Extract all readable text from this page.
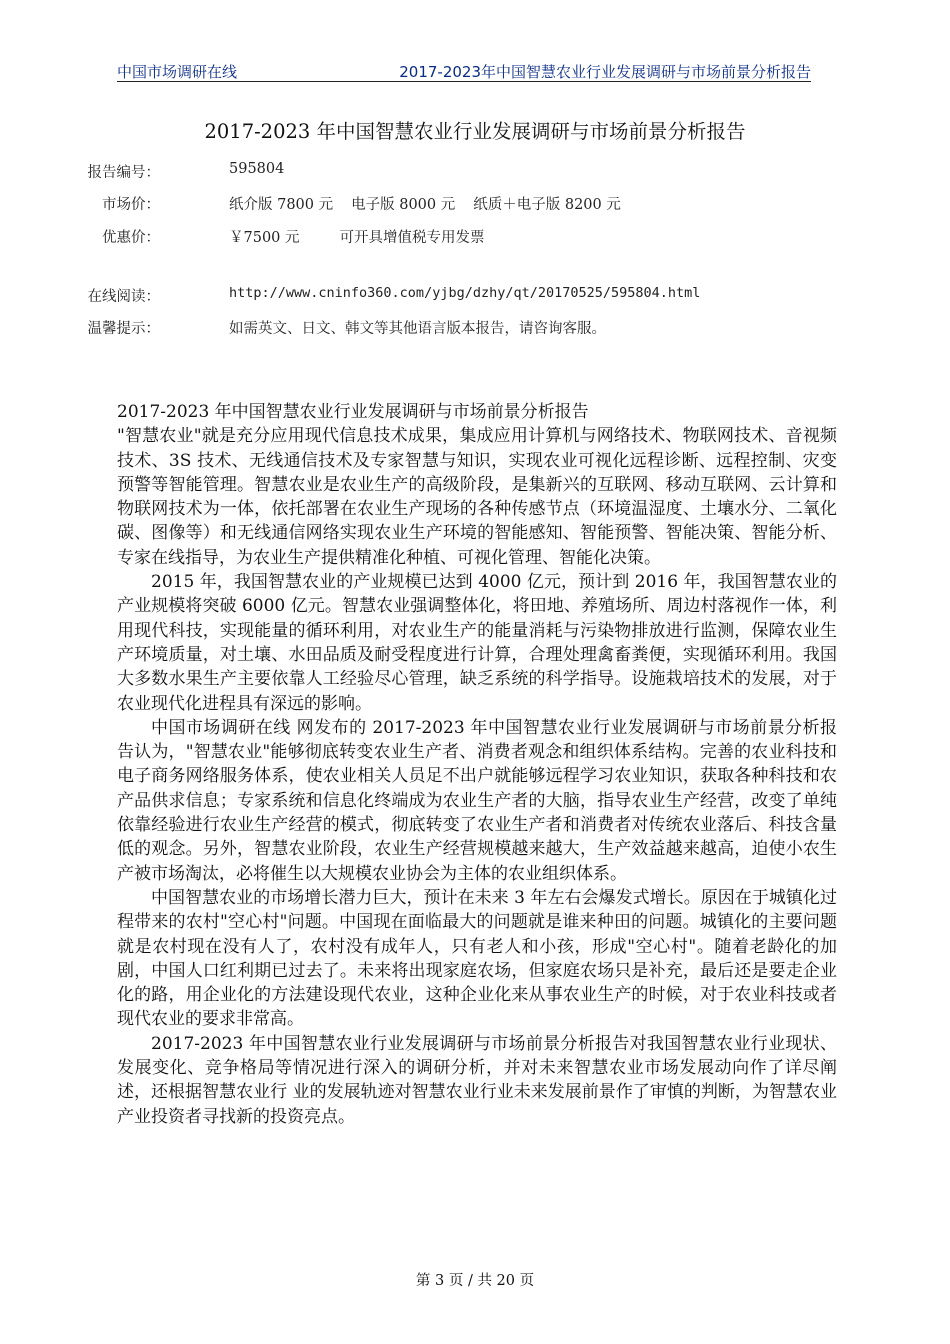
中国市场调研在线	2017-2023年中国智慧农业行业发展调研与市场前景分析报告
2017-2023 年中国智慧农业行业发展调研与市场前景分析报告
报告编号：	595804
市场价：	纸介版 7800 元 电子版 8000 元 纸质＋电子版 8200 元
优惠价：	￥7500 元	可开具增值税专用发票
在线阅读：	http://www.cninfo360.com/yjbg/dzhy/qt/20170525/595804.html
温馨提示：	如需英文、日文、韩文等其他语言版本报告，请咨询客服。

2017-2023 年中国智慧农业行业发展调研与市场前景分析报告

"智慧农业"就是充分应用现代信息技术成果，集成应用计算机与网络技术、物联网技术、音视频技术、3S 技术、无线通信技术及专家智慧与知识，实现农业可视化远程诊断、远程控制、灾变预警等智能管理。智慧农业是农业生产的高级阶段，是集新兴的互联网、移动互联网、云计算和物联网技术为一体，依托部署在农业生产现场的各种传感节点（环境温湿度、土壤水分、二氧化碳、图像等）和无线通信网络实现农业生产环境的智能感知、智能预警、智能决策、智能分析、专家在线指导，为农业生产提供精准化种植、可视化管理、智能化决策。

2015 年，我国智慧农业的产业规模已达到 4000 亿元，预计到 2016 年，我国智慧农业的产业规模将突破 6000 亿元。智慧农业强调整体化，将田地、养殖场所、周边村落视作一体，利用现代科技，实现能量的循环利用，对农业生产的能量消耗与污染物排放进行监测，保障农业生产环境质量，对土壤、水田品质及耐受程度进行计算，合理处理禽畜粪便，实现循环利用。我国大多数水果生产主要依靠人工经验尽心管理，缺乏系统的科学指导。设施栽培技术的发展，对于农业现代化进程具有深远的影响。

中国市场调研在线 网发布的 2017-2023 年中国智慧农业行业发展调研与市场前景分析报告认为，"智慧农业"能够彻底转变农业生产者、消费者观念和组织体系结构。完善的农业科技和电子商务网络服务体系，使农业相关人员足不出户就能够远程学习农业知识，获取各种科技和农产品供求信息；专家系统和信息化终端成为农业生产者的大脑，指导农业生产经营，改变了单纯依靠经验进行农业生产经营的模式，彻底转变了农业生产者和消费者对传统农业落后、科技含量低的观念。另外，智慧农业阶段，农业生产经营规模越来越大，生产效益越来越高，迫使小农生产被市场淘汰，必将催生以大规模农业协会为主体的农业组织体系。

中国智慧农业的市场增长潜力巨大，预计在未来 3 年左右会爆发式增长。原因在于城镇化过程带来的农村"空心村"问题。中国现在面临最大的问题就是谁来种田的问题。城镇化的主要问题就是农村现在没有人了，农村没有成年人，只有老人和小孩，形成"空心村"。随着老龄化的加剧，中国人口红利期已过去了。未来将出现家庭农场，但家庭农场只是补充，最后还是要走企业化的路，用企业化的方法建设现代农业，这种企业化来从事农业生产的时候，对于农业科技或者现代农业的要求非常高。

2017-2023 年中国智慧农业行业发展调研与市场前景分析报告对我国智慧农业行业现状、发展变化、竞争格局等情况进行深入的调研分析，并对未来智慧农业市场发展动向作了详尽阐述，还根据智慧农业行 业的发展轨迹对智慧农业行业未来发展前景作了审慎的判断，为智慧农业产业投资者寻找新的投资亮点。

第 3 页 / 共 20 页
